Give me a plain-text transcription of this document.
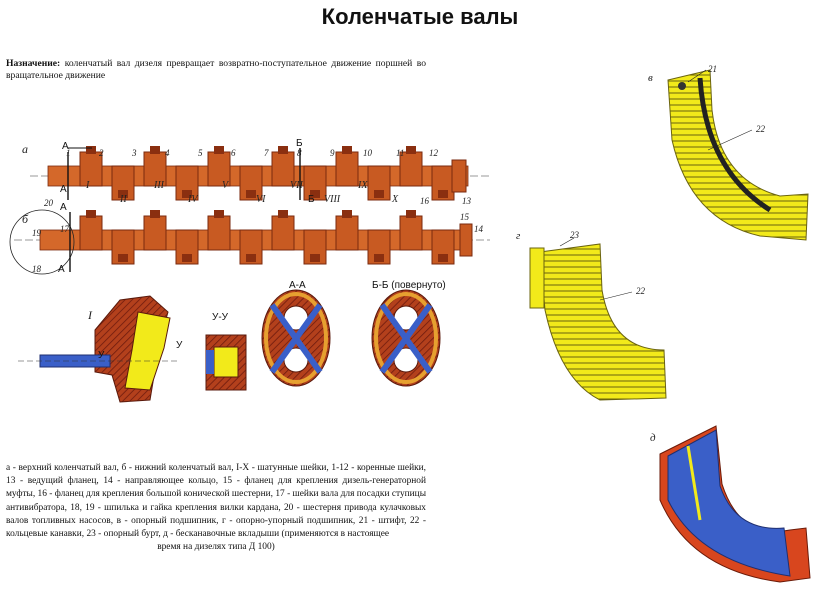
Коленчатые валы
Назначение: коленчатый вал дизеля превращает возвратно-поступательное движение поршней во вращательное движение
а
б
в
г
д
I
А-А	Б-Б (повернуто)
У-У
А
А
Б
Б
А
А
У
У
13
14
15
16
17
18
19
20
21
22
22
23
1	2	3	4	5	6	7	8	9	10	11	12
I
II
III
IV
V
VI
VII
VIII
IX
X
а - верхний коленчатый вал, б - нижний коленчатый вал, I-X - шатунные шейки, 1-12 - коренные шейки, 13 - ведущий фланец, 14 - направляющее кольцо, 15 - фланец для крепления дизель-генераторной муфты, 16 - фланец для крепления большой конической шестерни, 17 - шейки вала для посадки ступицы антивибратора, 18, 19 - шпилька и гайка крепления вилки кардана, 20 - шестерня привода кулачковых валов топливных насосов, в - опорный подшипник, г - опорно-упорный подшипник, 21 - штифт, 22 - кольцевые канавки, 23 - опорный бурт, д - бесканавочные вкладыши (применяются в настоящее
время на дизелях типа Д 100)
